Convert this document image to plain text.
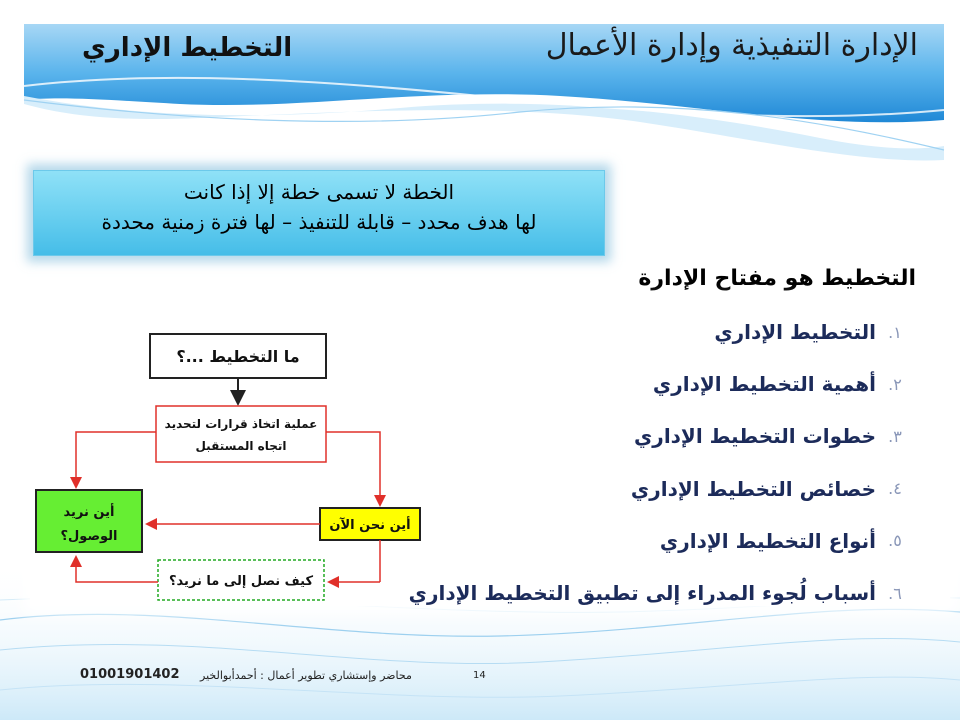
الإدارة التنفيذية وإدارة الأعمال
التخطيط الإداري
الخطة لا تسمى خطة إلا إذا كانت
لها هدف محدد – قابلة للتنفيذ – لها فترة زمنية محددة
التخطيط هو مفتاح الإدارة
١.
التخطيط الإداري
٢.
أهمية التخطيط الإداري
٣.
خطوات التخطيط الإداري
٤.
خصائص التخطيط الإداري
٥.
أنواع التخطيط الإداري
٦.
أسباب لُجوء المدراء إلى تطبيق التخطيط الإداري
ما التخطيط ...؟
عملية اتخاذ قرارات لتحديد
اتجاه المستقبل
أين نريد
الوصول؟
أين نحن الآن
كيف نصل إلى ما نريد؟
01001901402 محاضر وإستشاري تطوير أعمال : أحمدأبوالخير	14
